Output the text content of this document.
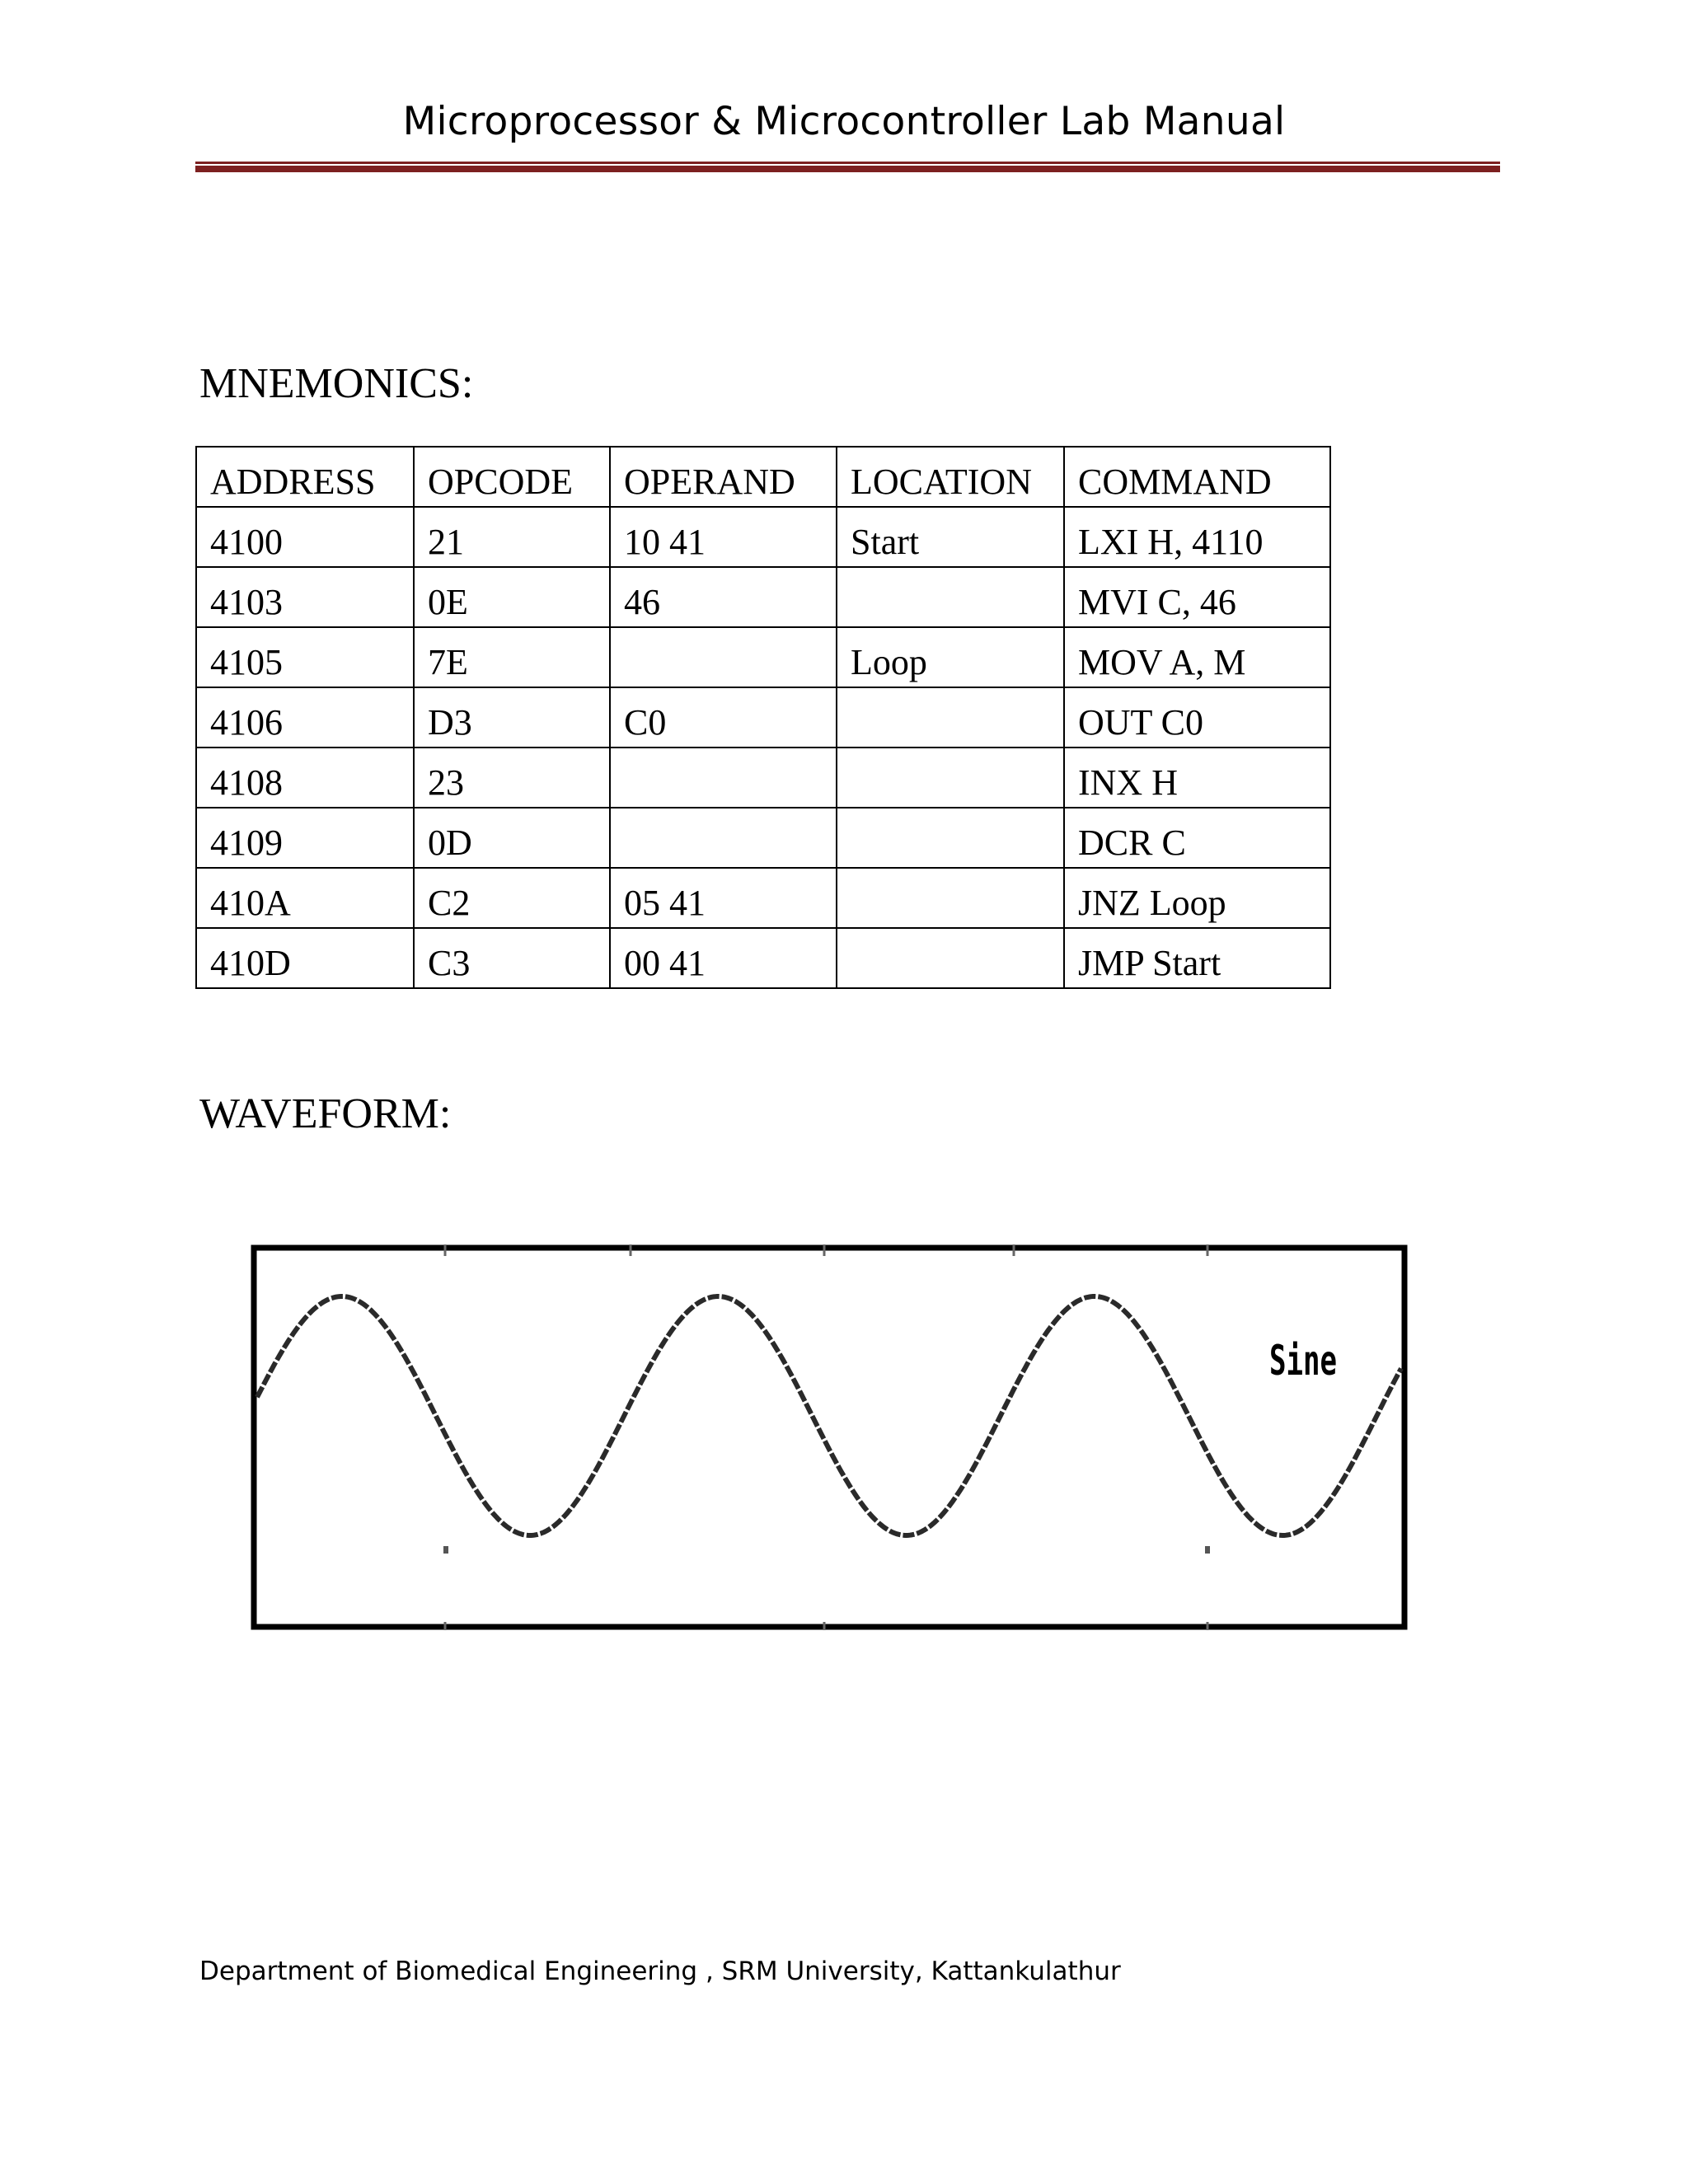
Microprocessor & Microcontroller Lab Manual
MNEMONICS:
ADDRESS	OPCODE	OPERAND	LOCATION	COMMAND
4100	21	10 41	Start	LXI H, 4110
4103	0E	46		MVI C, 46
4105	7E		Loop	MOV A, M
4106	D3	C0		OUT C0
4108	23			INX H
4109	0D			DCR C
410A	C2	05 41		JNZ Loop
410D	C3	00 41		JMP Start
WAVEFORM:
Sine
Department of Biomedical Engineering , SRM University, Kattankulathur
